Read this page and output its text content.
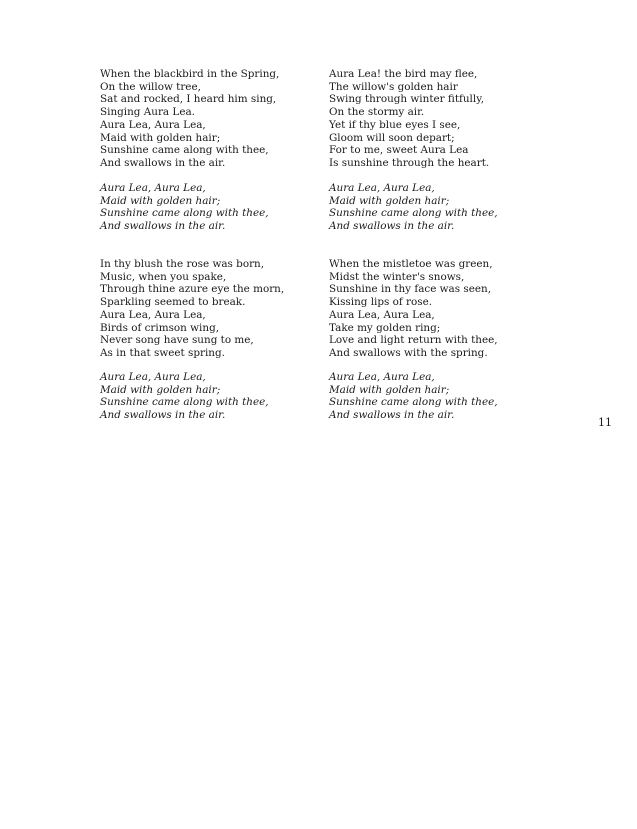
When the blackbird in the Spring,
On the willow tree,
Sat and rocked, I heard him sing,
Singing Aura Lea.
Aura Lea, Aura Lea,
Maid with golden hair;
Sunshine came along with thee,
And swallows in the air.
Aura Lea! the bird may flee,
The willow's golden hair
Swing through winter fitfully,
On the stormy air.
Yet if thy blue eyes I see,
Gloom will soon depart;
For to me, sweet Aura Lea
Is sunshine through the heart.
Aura Lea, Aura Lea,
Maid with golden hair;
Sunshine came along with thee,
And swallows in the air.
Aura Lea, Aura Lea,
Maid with golden hair;
Sunshine came along with thee,
And swallows in the air.
In thy blush the rose was born,
Music, when you spake,
Through thine azure eye the morn,
Sparkling seemed to break.
Aura Lea, Aura Lea,
Birds of crimson wing,
Never song have sung to me,
As in that sweet spring.
When the mistletoe was green,
Midst the winter's snows,
Sunshine in thy face was seen,
Kissing lips of rose.
Aura Lea, Aura Lea,
Take my golden ring;
Love and light return with thee,
And swallows with the spring.
Aura Lea, Aura Lea,
Maid with golden hair;
Sunshine came along with thee,
And swallows in the air.
Aura Lea, Aura Lea,
Maid with golden hair;
Sunshine came along with thee,
And swallows in the air.
11
